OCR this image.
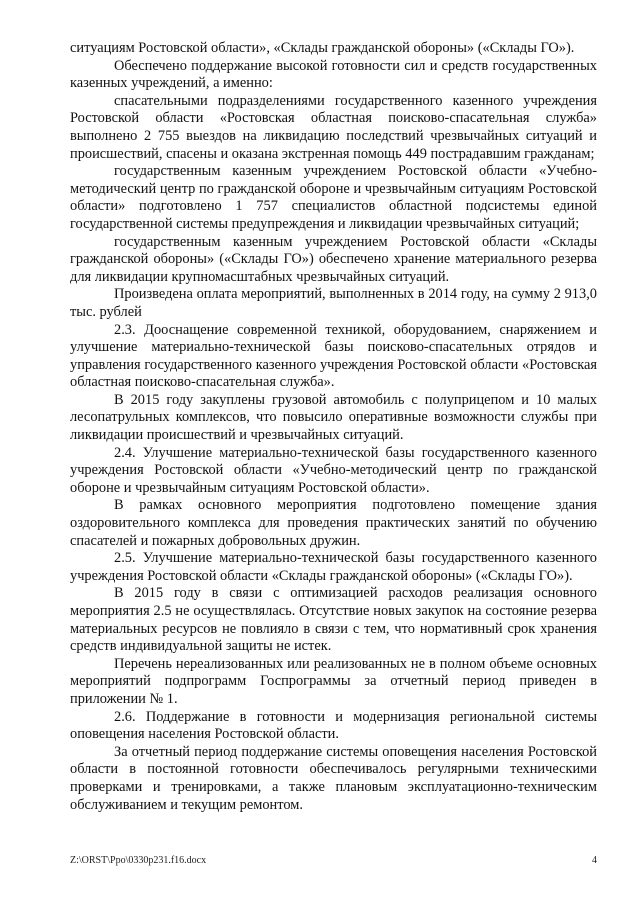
ситуациям Ростовской области», «Склады гражданской обороны» («Склады ГО»).

Обеспечено поддержание высокой готовности сил и средств государственных казенных учреждений, а именно:

спасательными подразделениями государственного казенного учреждения Ростовской области «Ростовская областная поисково-спасательная служба» выполнено 2 755 выездов на ликвидацию последствий чрезвычайных ситуаций и происшествий, спасены и оказана экстренная помощь 449 пострадавшим гражданам;

государственным казенным учреждением Ростовской области «Учебно-методический центр по гражданской обороне и чрезвычайным ситуациям Ростовской области» подготовлено 1 757 специалистов областной подсистемы единой государственной системы предупреждения и ликвидации чрезвычайных ситуаций;

государственным казенным учреждением Ростовской области «Склады гражданской обороны» («Склады ГО») обеспечено хранение материального резерва для ликвидации крупномасштабных чрезвычайных ситуаций.

Произведена оплата мероприятий, выполненных в 2014 году, на сумму 2 913,0 тыс. рублей

2.3. Дооснащение современной техникой, оборудованием, снаряжением и улучшение материально-технической базы поисково-спасательных отрядов и управления государственного казенного учреждения Ростовской области «Ростовская областная поисково-спасательная служба».

В 2015 году закуплены грузовой автомобиль с полуприцепом и 10 малых лесопатрульных комплексов, что повысило оперативные возможности службы при ликвидации происшествий и чрезвычайных ситуаций.

2.4. Улучшение материально-технической базы государственного казенного учреждения Ростовской области «Учебно-методический центр по гражданской обороне и чрезвычайным ситуациям Ростовской области».

В рамках основного мероприятия подготовлено помещение здания оздоровительного комплекса для проведения практических занятий по обучению спасателей и пожарных добровольных дружин.

2.5. Улучшение материально-технической базы государственного казенного учреждения Ростовской области «Склады гражданской обороны» («Склады ГО»).

В 2015 году в связи с оптимизацией расходов реализация основного мероприятия 2.5 не осуществлялась. Отсутствие новых закупок на состояние резерва материальных ресурсов не повлияло в связи с тем, что нормативный срок хранения средств индивидуальной защиты не истек.

Перечень нереализованных или реализованных не в полном объеме основных мероприятий подпрограмм Госпрограммы за отчетный период приведен в приложении № 1.

2.6. Поддержание в готовности и модернизация региональной системы оповещения населения Ростовской области.

За отчетный период поддержание системы оповещения населения Ростовской области в постоянной готовности обеспечивалось регулярными техническими проверками и тренировками, а также плановым эксплуатационно-техническим обслуживанием и текущим ремонтом.

Z:\ORST\Ppo\0330p231.f16.docx	4
